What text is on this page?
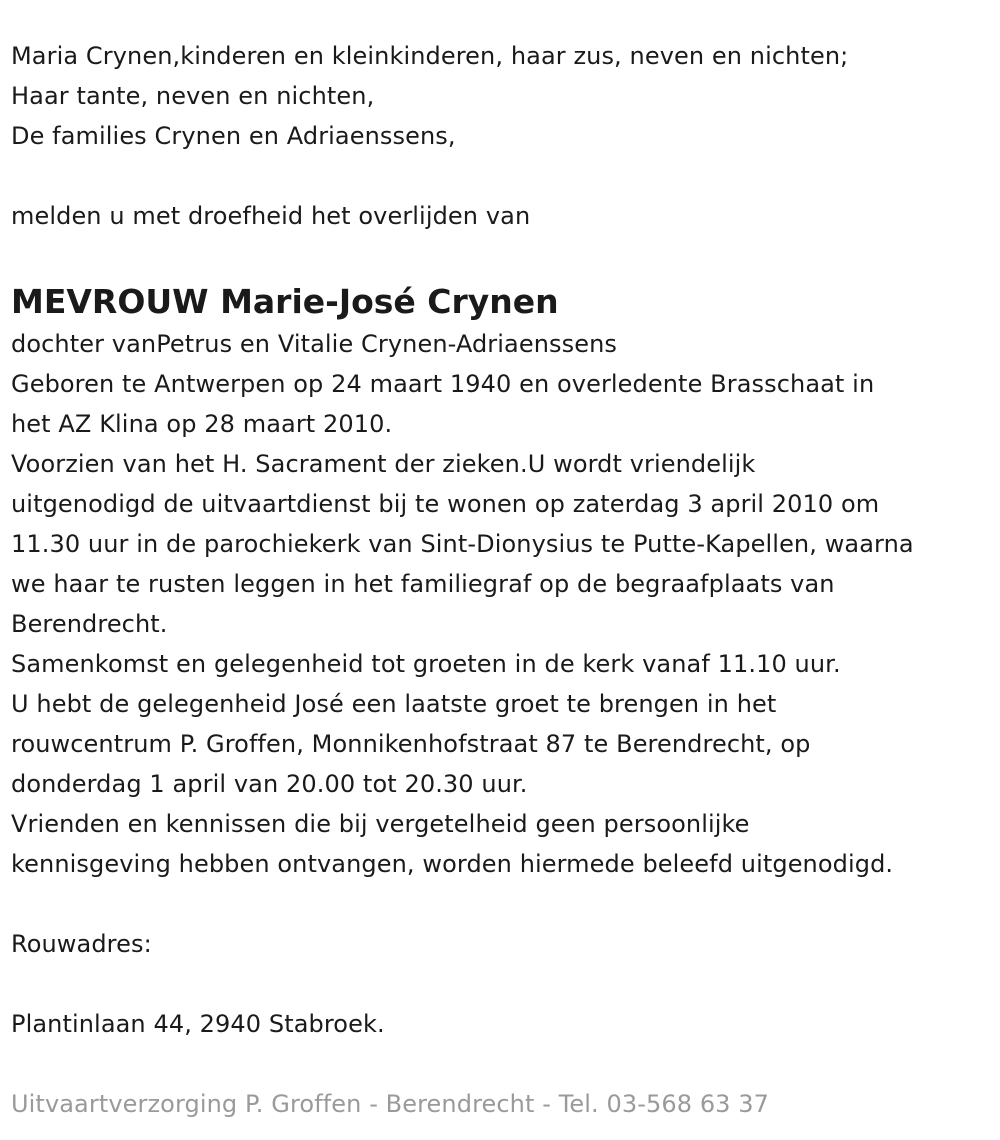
Maria Crynen,kinderen en kleinkinderen, haar zus, neven en nichten;
Haar tante, neven en nichten,
De families Crynen en Adriaenssens,
melden u met droefheid het overlijden van
MEVROUW Marie-José Crynen
dochter vanPetrus en Vitalie Crynen-Adriaenssens
Geboren te Antwerpen op 24 maart 1940 en overledente Brasschaat in
het AZ Klina op 28 maart 2010.
Voorzien van het H. Sacrament der zieken.U wordt vriendelijk
uitgenodigd de uitvaartdienst bij te wonen op zaterdag 3 april 2010 om
11.30 uur in de parochiekerk van Sint-Dionysius te Putte-Kapellen, waarna
we haar te rusten leggen in het familiegraf op de begraafplaats van
Berendrecht.
Samenkomst en gelegenheid tot groeten in de kerk vanaf 11.10 uur.
U hebt de gelegenheid José een laatste groet te brengen in het
rouwcentrum P. Groffen, Monnikenhofstraat 87 te Berendrecht, op
donderdag 1 april van 20.00 tot 20.30 uur.
Vrienden en kennissen die bij vergetelheid geen persoonlijke
kennisgeving hebben ontvangen, worden hiermede beleefd uitgenodigd.
Rouwadres:
Plantinlaan 44, 2940 Stabroek.
Uitvaartverzorging P. Groffen - Berendrecht - Tel. 03-568 63 37
